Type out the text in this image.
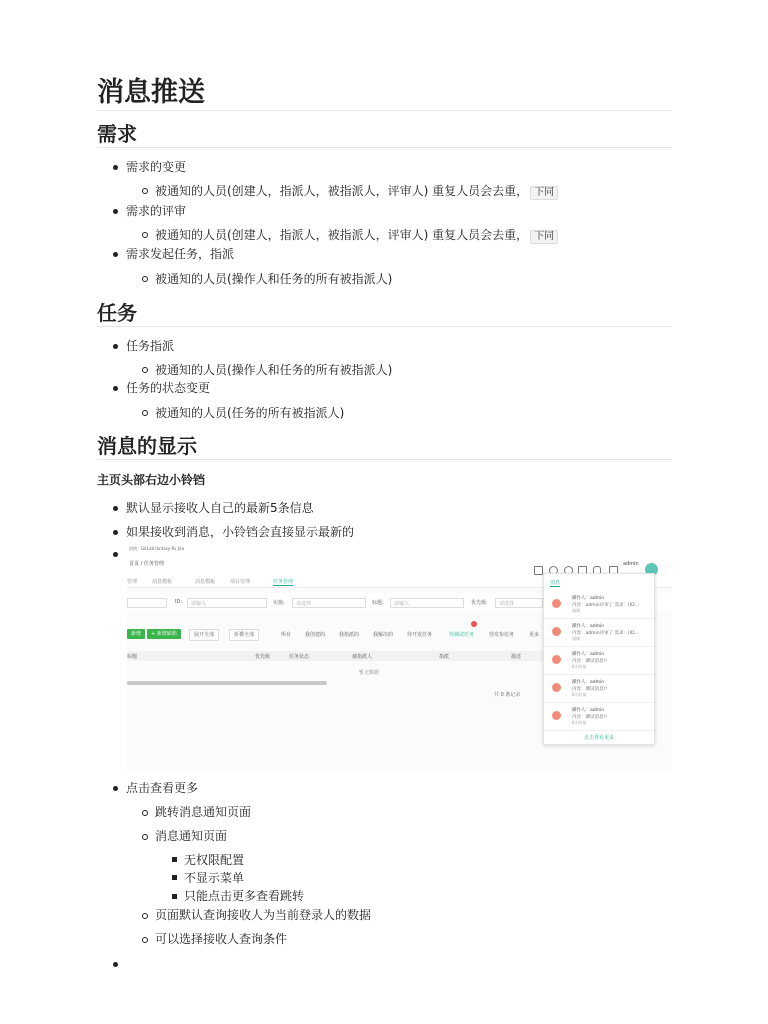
消息推送
需求
需求的变更
被通知的人员(创建人，指派人，被指派人，评审人) 重复人员会去重， 下同
需求的评审
被通知的人员(创建人，指派人，被指派人，评审人) 重复人员会去重， 下同
需求发起任务，指派
被通知的人员(操作人和任务的所有被指派人)
任务
任务指派
被通知的人员(操作人和任务的所有被指派人)
任务的状态变更
被通知的人员(任务的所有被指派人)
消息的显示
主页头部右边小铃铛
默认显示接收人自己的最新5条信息
如果接收到消息，小铃铛会直接显示最新的
消惜：GitLab fantasy-flv Jira
首页 / 任务管理	admin
管理	消息模板	消息模板	项目管理	任务管理
ID: 请输入	实施: 请选择	标题: 请输入	优先级: 请选择
新增	+ 新增缺陷	展开全部	折叠全部	所有	我创建的	我指派的	我解决的	待开发任务	待测试任务	待发布任务	更多
标题	优先级	任务状态	被指派人	指派	描述
暂无数据
共 0 条记录
消息
操作人：admin
内容：admin评审了 需求：[ID...
刚刚
操作人：admin
内容：admin评审了 需求：[ID...
刚刚
操作人：admin
内容：测试消息!!
6小时前
操作人：admin
内容：测试消息!!
6小时前
操作人：admin
内容：测试消息!!
6小时前
点击查看更多
点击查看更多
跳转消息通知页面
消息通知页面
无权限配置
不显示菜单
只能点击更多查看跳转
页面默认查询接收人为当前登录人的数据
可以选择接收人查询条件
